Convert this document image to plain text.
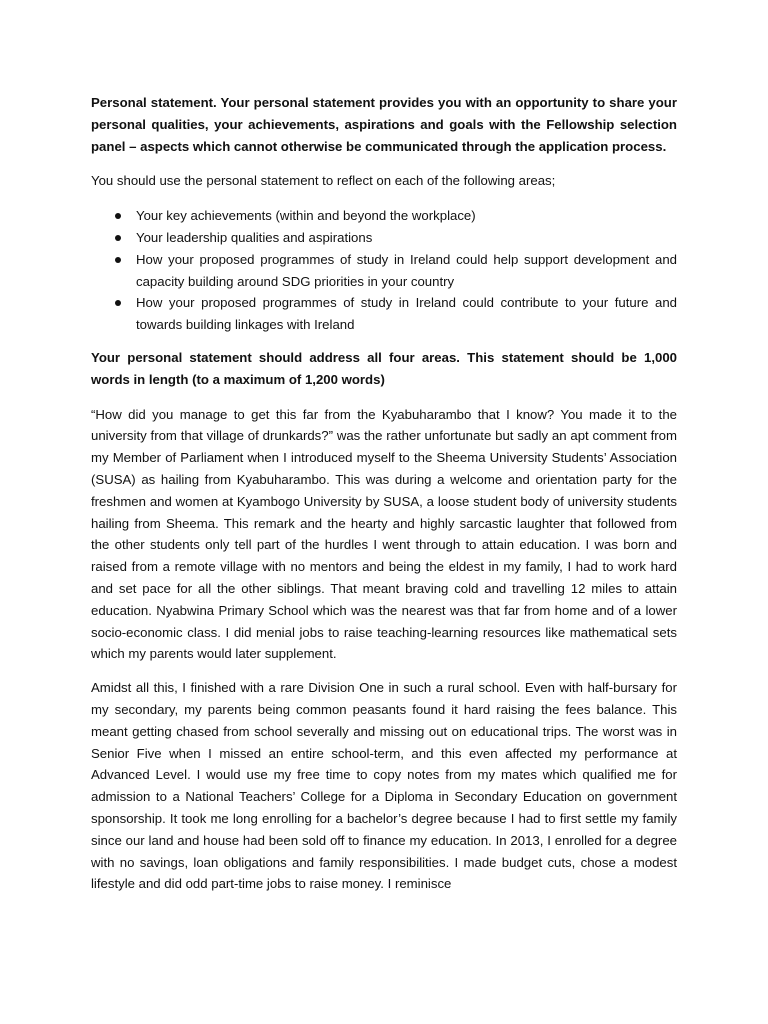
Personal statement. Your personal statement provides you with an opportunity to share your personal qualities, your achievements, aspirations and goals with the Fellowship selection panel – aspects which cannot otherwise be communicated through the application process.

You should use the personal statement to reflect on each of the following areas;

Your key achievements (within and beyond the workplace)
Your leadership qualities and aspirations
How your proposed programmes of study in Ireland could help support development and capacity building around SDG priorities in your country
How your proposed programmes of study in Ireland could contribute to your future and towards building linkages with Ireland

Your personal statement should address all four areas. This statement should be 1,000 words in length (to a maximum of 1,200 words)

“How did you manage to get this far from the Kyabuharambo that I know? You made it to the university from that village of drunkards?” was the rather unfortunate but sadly an apt comment from my Member of Parliament when I introduced myself to the Sheema University Students’ Association (SUSA) as hailing from Kyabuharambo. This was during a welcome and orientation party for the freshmen and women at Kyambogo University by SUSA, a loose student body of university students hailing from Sheema. This remark and the hearty and highly sarcastic laughter that followed from the other students only tell part of the hurdles I went through to attain education. I was born and raised from a remote village with no mentors and being the eldest in my family, I had to work hard and set pace for all the other siblings. That meant braving cold and travelling 12 miles to attain education. Nyabwina Primary School which was the nearest was that far from home and of a lower socio-economic class. I did menial jobs to raise teaching-learning resources like mathematical sets which my parents would later supplement.

Amidst all this, I finished with a rare Division One in such a rural school. Even with half-bursary for my secondary, my parents being common peasants found it hard raising the fees balance. This meant getting chased from school severally and missing out on educational trips. The worst was in Senior Five when I missed an entire school-term, and this even affected my performance at Advanced Level. I would use my free time to copy notes from my mates which qualified me for admission to a National Teachers’ College for a Diploma in Secondary Education on government sponsorship. It took me long enrolling for a bachelor’s degree because I had to first settle my family since our land and house had been sold off to finance my education. In 2013, I enrolled for a degree with no savings, loan obligations and family responsibilities. I made budget cuts, chose a modest lifestyle and did odd part-time jobs to raise money. I reminisce
